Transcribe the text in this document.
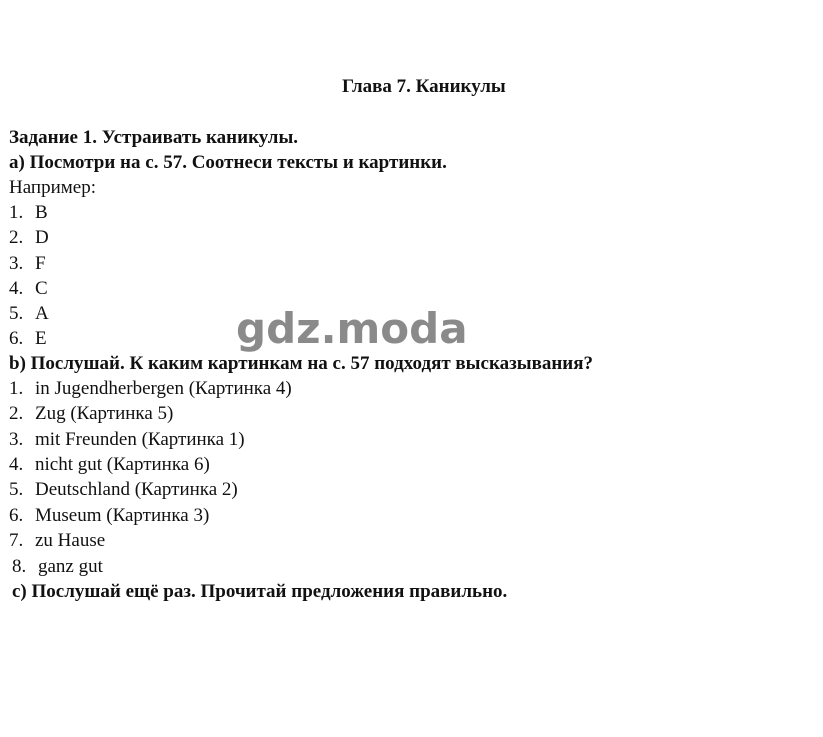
Глава 7. Каникулы
Задание 1. Устраивать каникулы.
a) Посмотри на с. 57. Соотнеси тексты и картинки.
Например:
1. B
2. D
3. F
4. C
5. A
6. E
b) Послушай. К каким картинкам на с. 57 подходят высказывания?
1. in Jugendherbergen (Картинка 4)
2. Zug (Картинка 5)
3. mit Freunden (Картинка 1)
4. nicht gut (Картинка 6)
5. Deutschland (Картинка 2)
6. Museum (Картинка 3)
7. zu Hause
8. ganz gut
c) Послушай ещё раз. Прочитай предложения правильно.
gdz.moda
